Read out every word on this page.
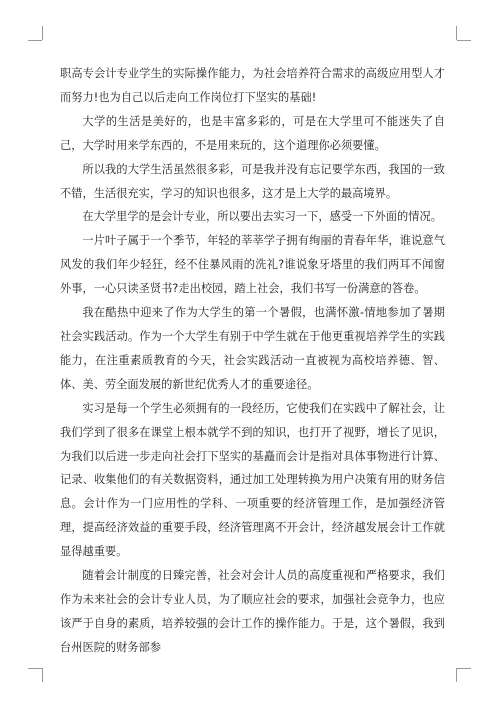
职高专会计专业学生的实际操作能力，为社会培养符合需求的高级应用型人才而努力!也为自己以后走向工作岗位打下坚实的基础!

大学的生活是美好的，也是丰富多彩的，可是在大学里可不能迷失了自己，大学时用来学东西的，不是用来玩的，这个道理你必须要懂。

所以我的大学生活虽然很多彩，可是我并没有忘记要学东西，我国的一致不错，生活很充实，学习的知识也很多，这才是上大学的最高境界。

在大学里学的是会计专业，所以要出去实习一下，感受一下外面的情况。

一片叶子属于一个季节，年轻的莘莘学子拥有绚丽的青春年华，谁说意气风发的我们年少轻狂，经不住暴风雨的洗礼?谁说象牙塔里的我们两耳不闻窗外事，一心只读圣贤书?走出校园，踏上社会，我们书写一份满意的答卷。

我在酷热中迎来了作为大学生的第一个暑假，也满怀激-情地参加了暑期社会实践活动。作为一个大学生有别于中学生就在于他更重视培养学生的实践能力，在注重素质教育的今天，社会实践活动一直被视为高校培养德、智、体、美、劳全面发展的新世纪优秀人才的重要途径。

实习是每一个学生必须拥有的一段经历，它使我们在实践中了解社会，让我们学到了很多在课堂上根本就学不到的知识，也打开了视野，增长了见识，为我们以后进一步走向社会打下坚实的基矗而会计是指对具体事物进行计算、记录、收集他们的有关数据资料，通过加工处理转换为用户决策有用的财务信息。会计作为一门应用性的学科、一项重要的经济管理工作，是加强经济管理，提高经济效益的重要手段，经济管理离不开会计，经济越发展会计工作就显得越重要。

随着会计制度的日臻完善，社会对会计人员的高度重视和严格要求，我们作为未来社会的会计专业人员，为了顺应社会的要求，加强社会竞争力，也应该严于自身的素质，培养较强的会计工作的操作能力。于是，这个暑假，我到台州医院的财务部参
